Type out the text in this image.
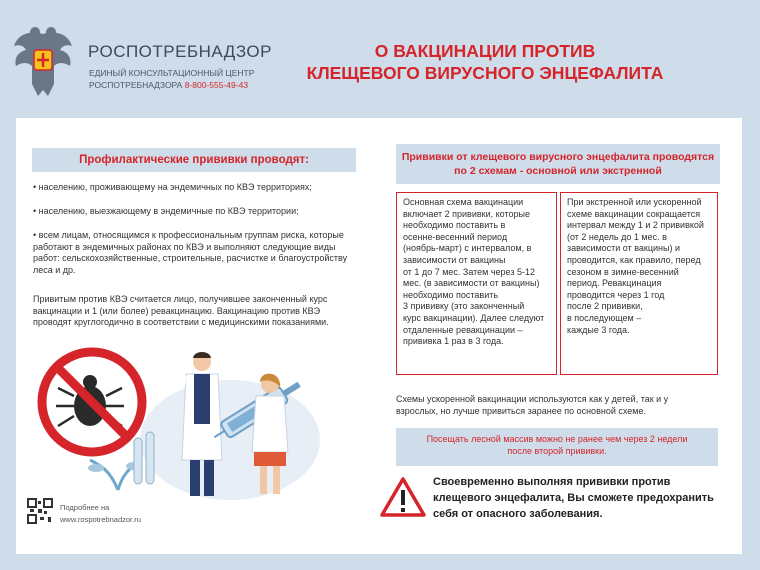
РОСПОТРЕБНАДЗОР
ЕДИНЫЙ КОНСУЛЬТАЦИОННЫЙ ЦЕНТР
РОСПОТРЕБНАДЗОРА 8-800-555-49-43
О ВАКЦИНАЦИИ ПРОТИВ
КЛЕЩЕВОГО ВИРУСНОГО ЭНЦЕФАЛИТА
Профилактические прививки проводят:
• населению, проживающему на эндемичных по КВЭ территориях;
• населению, выезжающему в эндемичные по КВЭ территории;
• всем лицам, относящимся к профессиональным группам риска, которые работают в эндемичных районах по КВЭ и выполняют следующие виды работ: сельскохозяйственные, строительные, расчистке и благоустройству леса и др.
Привитым против КВЭ считается лицо, получившее законченный курс вакцинации и 1 (или более) ревакцинацию. Вакцинацию против КВЭ проводят круглогодично в соответствии с медицинскими показаниями.
Подробнее на
www.rospotrebnadzor.ru
Прививки от клещевого вирусного энцефалита проводятся
по 2 схемам - основной или экстренной
Основная схема вакцинации
включает 2 прививки, которые
необходимо поставить в
осенне-весенний период
(ноябрь-март) с интервалом, в
зависимости от вакцины
от 1 до 7 мес. Затем через 5-12
мес. (в зависимости от вакцины)
необходимо поставить
3 прививку (это законченный
курс вакцинации). Далее следуют
отдаленные ревакцинации –
прививка 1 раз в 3 года.
При экстренной или ускоренной
схеме вакцинации сокращается
интервал между 1 и 2 прививкой
(от 2 недель до 1 мес. в
зависимости от вакцины) и
проводится, как правило, перед
сезоном в зимне-весенний
период. Ревакцинация
проводится через 1 год
после 2 прививки,
в последующем –
каждые 3 года.
Схемы ускоренной вакцинации используются как у детей, так и у
взрослых, но лучше привиться заранее по основной схеме.
Посещать лесной массив можно не ранее чем через 2 недели
после второй прививки.
Своевременно выполняя прививки против
клещевого энцефалита, Вы сможете предохранить
себя от опасного заболевания.
